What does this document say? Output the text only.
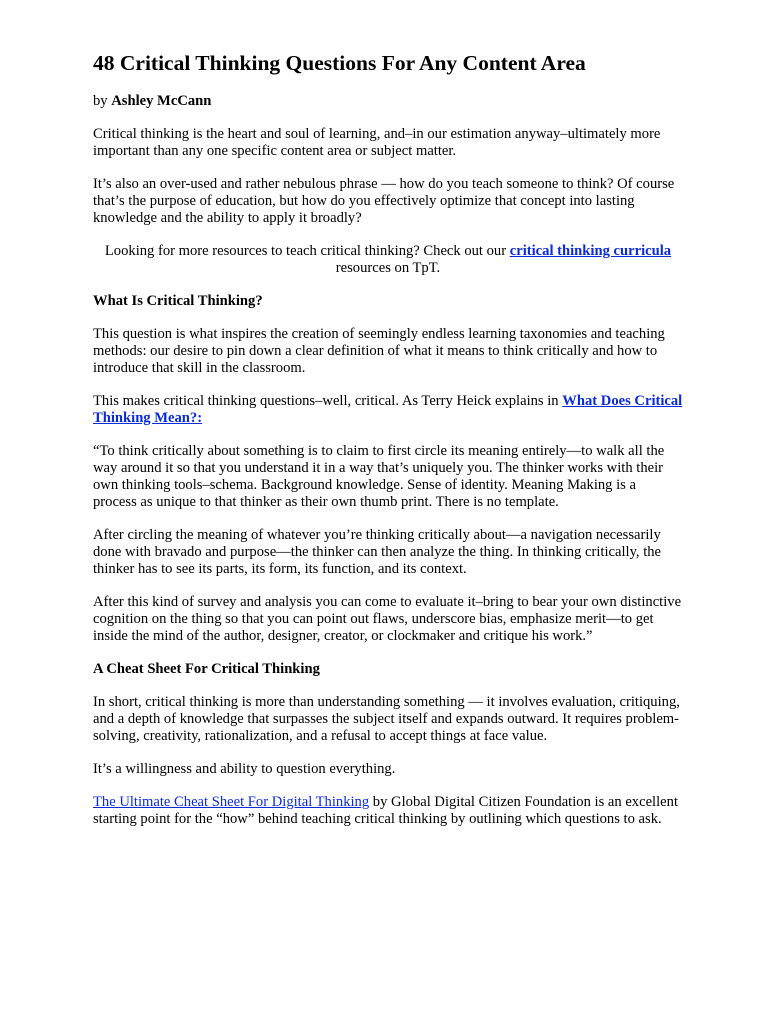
48 Critical Thinking Questions For Any Content Area

by Ashley McCann

Critical thinking is the heart and soul of learning, and–in our estimation anyway–ultimately more important than any one specific content area or subject matter.

It’s also an over-used and rather nebulous phrase — how do you teach someone to think? Of course that’s the purpose of education, but how do you effectively optimize that concept into lasting knowledge and the ability to apply it broadly?

Looking for more resources to teach critical thinking? Check out our critical thinking curricula resources on TpT.

What Is Critical Thinking?

This question is what inspires the creation of seemingly endless learning taxonomies and teaching methods: our desire to pin down a clear definition of what it means to think critically and how to introduce that skill in the classroom.

This makes critical thinking questions–well, critical. As Terry Heick explains in What Does Critical Thinking Mean?:

“To think critically about something is to claim to first circle its meaning entirely—to walk all the way around it so that you understand it in a way that’s uniquely you. The thinker works with their own thinking tools–schema. Background knowledge. Sense of identity. Meaning Making is a process as unique to that thinker as their own thumb print. There is no template.

After circling the meaning of whatever you’re thinking critically about—a navigation necessarily done with bravado and purpose—the thinker can then analyze the thing. In thinking critically, the thinker has to see its parts, its form, its function, and its context.

After this kind of survey and analysis you can come to evaluate it–bring to bear your own distinctive cognition on the thing so that you can point out flaws, underscore bias, emphasize merit—to get inside the mind of the author, designer, creator, or clockmaker and critique his work.”

A Cheat Sheet For Critical Thinking

In short, critical thinking is more than understanding something — it involves evaluation, critiquing, and a depth of knowledge that surpasses the subject itself and expands outward. It requires problem-solving, creativity, rationalization, and a refusal to accept things at face value.

It’s a willingness and ability to question everything.

The Ultimate Cheat Sheet For Digital Thinking by Global Digital Citizen Foundation is an excellent starting point for the “how” behind teaching critical thinking by outlining which questions to ask.
